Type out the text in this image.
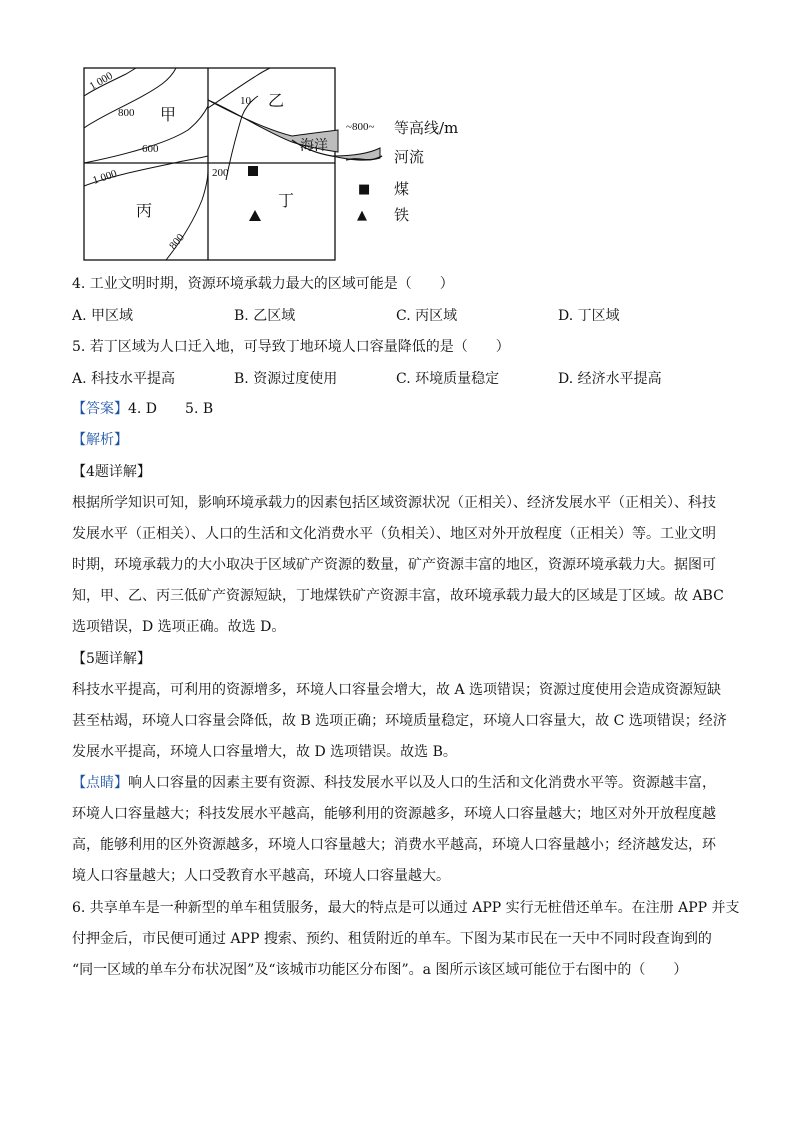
1 000
800
600
1 000
800
10
200
甲
乙
丙
丁
海洋
~800~ 等高线/m
河流
■ 煤
▲ 铁
4. 工业文明时期，资源环境承载力最大的区域可能是（　　）
A. 甲区域	B. 乙区域	C. 丙区域	D. 丁区域
5. 若丁区域为人口迁入地，可导致丁地环境人口容量降低的是（　　）
A. 科技水平提高	B. 资源过度使用	C. 环境质量稳定	D. 经济水平提高
【答案】4. D　　5. B
【解析】
【4题详解】
根据所学知识可知，影响环境承载力的因素包括区域资源状况（正相关）、经济发展水平（正相关）、科技
发展水平（正相关）、人口的生活和文化消费水平（负相关）、地区对外开放程度（正相关）等。工业文明
时期，环境承载力的大小取决于区域矿产资源的数量，矿产资源丰富的地区，资源环境承载力大。据图可
知，甲、乙、丙三低矿产资源短缺，丁地煤铁矿产资源丰富，故环境承载力最大的区域是丁区域。故 ABC
选项错误，D 选项正确。故选 D。
【5题详解】
科技水平提高，可利用的资源增多，环境人口容量会增大，故 A 选项错误；资源过度使用会造成资源短缺
甚至枯竭，环境人口容量会降低，故 B 选项正确；环境质量稳定，环境人口容量大，故 C 选项错误；经济
发展水平提高，环境人口容量增大，故 D 选项错误。故选 B。
【点睛】响人口容量的因素主要有资源、科技发展水平以及人口的生活和文化消费水平等。资源越丰富，
环境人口容量越大；科技发展水平越高，能够利用的资源越多，环境人口容量越大；地区对外开放程度越
高，能够利用的区外资源越多，环境人口容量越大；消费水平越高，环境人口容量越小；经济越发达，环
境人口容量越大；人口受教育水平越高，环境人口容量越大。
6. 共享单车是一种新型的单车租赁服务，最大的特点是可以通过 APP 实行无桩借还单车。在注册 APP 并支
付押金后，市民便可通过 APP 搜索、预约、租赁附近的单车。下图为某市民在一天中不同时段查询到的
“同一区域的单车分布状况图”及“该城市功能区分布图”。a 图所示该区域可能位于右图中的（　　）
